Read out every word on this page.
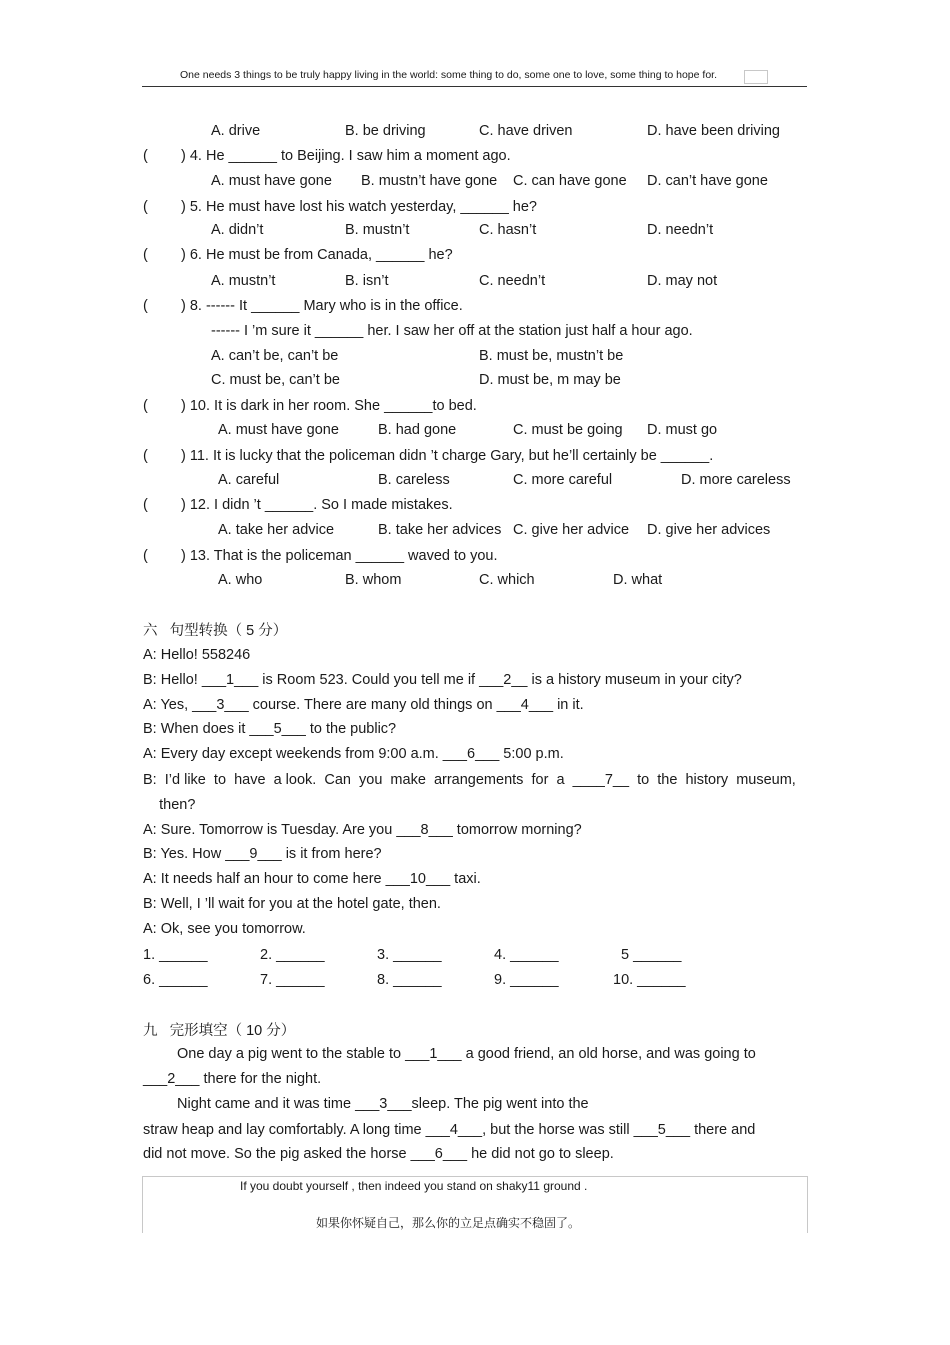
One needs 3 things to be truly happy living in the world: some thing to do, some one to love, some thing to hope for.
A. drive	B. be driving	C. have driven	D. have been driving
( ) 4. He ______ to Beijing. I saw him a moment ago.
A. must have gone B. mustn’t have gone C. can have gone D. can’t have gone
( ) 5. He must have lost his watch yesterday, ______ he?
A. didn’t	B. mustn’t	C. hasn’t	D. needn’t
( ) 6. He must be from Canada, ______ he?
A. mustn’t	B. isn’t	C. needn’t	D. may not
( ) 8. ------ It ______ Mary who is in the office.
------ I ’m sure it ______ her. I saw her off at the station just half a hour ago.
A. can’t be, can’t be	B. must be, mustn’t be
C. must be, can’t be	D. must be, m may be
( ) 10. It is dark in her room. She ______to bed.
A. must have gone	B. had gone	C. must be going D. must go
( ) 11. It is lucky that the policeman didn ’t charge Gary, but he’ll certainly be ______.
A. careful	B. careless	C. more careful	D. more careless
( ) 12. I didn ’t ______. So I made mistakes.
A. take her advice	B. take her advices C. give her advice D. give her advices
( ) 13. That is the policeman ______ waved to you.
A. who	B. whom	C. which	D. what
六   句型转换（ 5 分）
A: Hello! 558246
B: Hello! ___1___ is Room 523. Could you tell me if ___2__ is a history museum in your city?
A: Yes, ___3___ course. There are many old things on ___4___ in it.
B: When does it ___5___ to the public?
A: Every day except weekends from 9:00 a.m. ___6___ 5:00 p.m.
B:  I’d like  to  have  a look.  Can  you  make  arrangements  for  a  ____7__  to  the  history  museum,
then?
A: Sure. Tomorrow is Tuesday. Are you ___8___ tomorrow morning?
B: Yes. How ___9___ is it from here?
A: It needs half an hour to come here ___10___ taxi.
B: Well, I ’ll wait for you at the hotel gate, then.
A: Ok, see you tomorrow.
1. ______	2. ______	3. ______	4. ______	5 ______
6. ______	7. ______	8. ______	9. ______	10. ______
九   完形填空（ 10 分）
One day a pig went to the stable to ___1___ a good friend, an old horse, and was going to
___2___ there for the night.
Night came and it was time ___3___sleep. The pig went into the
straw heap and lay comfortably. A long time ___4___, but the horse was still ___5___ there and
did not move. So the pig asked the horse ___6___ he did not go to sleep.
If you doubt yourself , then indeed you stand on shaky11 ground .
如果你怀疑自己，那么你的立足点确实不稳固了。
